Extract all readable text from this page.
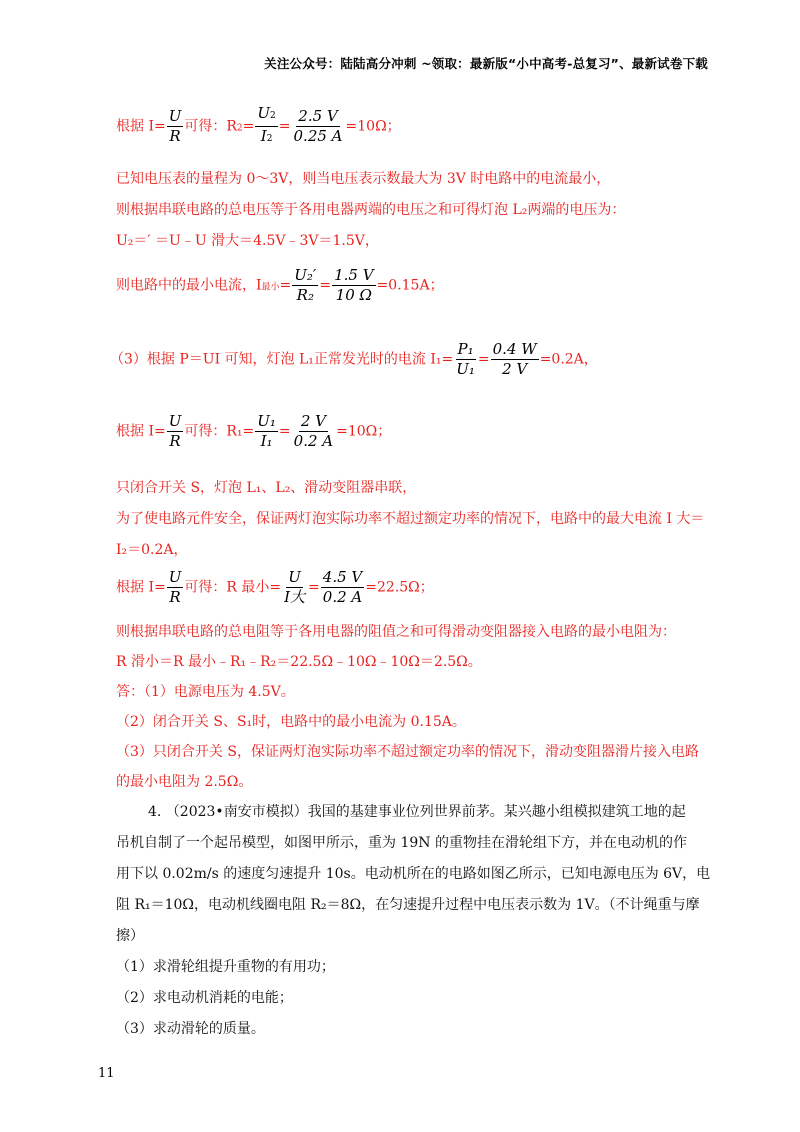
关注公众号：陆陆高分冲刺 ~领取：最新版“小中高考-总复习”、最新试卷下载
根据 $I= \frac{U}{R}$ 可得：$R2= \frac{U2}{I2} = \frac{2.5 V}{0.25 A} =10\Omega$；
已知电压表的量程为 0～3V，则当电压表示数最大为 3V 时电路中的电流最小，
则根据串联电路的总电压等于各用电器两端的电压之和可得灯泡 L₂两端的电压为：
U₂＝′ ＝U﹣U 滑大＝4.5V﹣3V＝1.5V，
则电路中的最小电流，I最小= $\frac{\text{U₂′}}{\text{R₂}} = \frac{1.5 V}{10 \Omega} =0.15A$；
（3）根据 P＝UI 可知，灯泡 L₁正常发光时的电流 $I_1= \frac{\text{P₁}}{\text{U₁}} = \frac{0.4 W}{2 V} =0.2A$，
根据 $I= \frac{U}{R}$ 可得：$R_1= \frac{\text{U₁}}{\text{I₁}} = \frac{2 V}{0.2 A} =10\Omega$；
只闭合开关 S，灯泡 L₁、L₂、滑动变阻器串联，
为了使电路元件安全，保证两灯泡实际功率不超过额定功率的情况下，电路中的最大电流 I 大＝
I₂＝0.2A，
根据 $I= \frac{U}{R}$ 可得：R 最小= $\frac{U}{\text{I大}} = \frac{4.5 V}{0.2 A} =22.5\Omega$；
则根据串联电路的总电阻等于各用电器的阻值之和可得滑动变阻器接入电路的最小电阻为：
R 滑小＝R 最小﹣R₁﹣R₂＝22.5Ω﹣10Ω﹣10Ω＝2.5Ω。
答：（1）电源电压为 4.5V。
（2）闭合开关 S、S₁时，电路中的最小电流为 0.15A。
（3）只闭合开关 S，保证两灯泡实际功率不超过额定功率的情况下，滑动变阻器滑片接入电路
的最小电阻为 2.5Ω。
4. （2023•南安市模拟）我国的基建事业位列世界前茅。某兴趣小组模拟建筑工地的起
吊机自制了一个起吊模型，如图甲所示，重为 19N 的重物挂在滑轮组下方，并在电动机的作
用下以 0.02m/s 的速度匀速提升 10s。电动机所在的电路如图乙所示，已知电源电压为 6V，电
阻 R₁＝10Ω，电动机线圈电阻 R₂＝8Ω，在匀速提升过程中电压表示数为 1V。（不计绳重与摩
擦）
（1）求滑轮组提升重物的有用功；
（2）求电动机消耗的电能；
（3）求动滑轮的质量。
11
